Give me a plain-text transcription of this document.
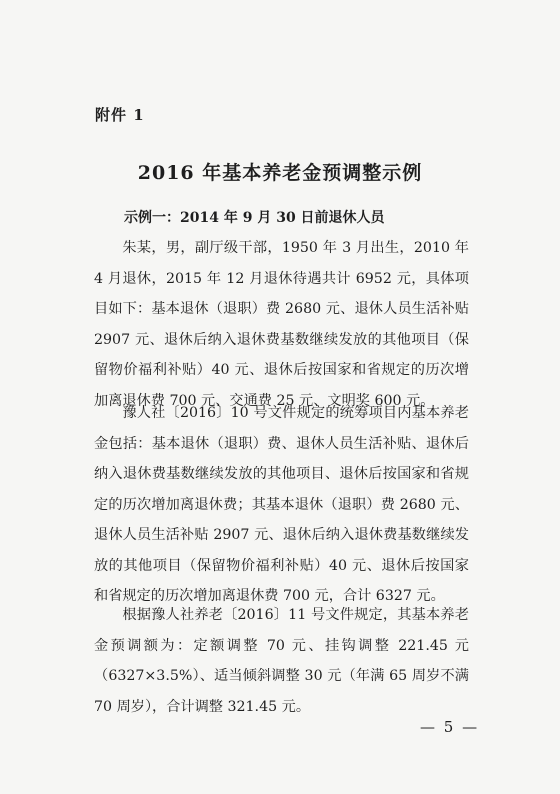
附件 1
2016 年基本养老金预调整示例
示例一：2014 年 9 月 30 日前退休人员

朱某，男，副厅级干部，1950 年 3 月出生，2010 年 4 月退休，2015 年 12 月退休待遇共计 6952 元，具体项目如下：基本退休（退职）费 2680 元、退休人员生活补贴 2907 元、退休后纳入退休费基数继续发放的其他项目（保留物价福利补贴）40 元、退休后按国家和省规定的历次增加离退休费 700 元、交通费 25 元、文明奖 600 元。

豫人社〔2016〕10 号文件规定的统筹项目内基本养老金包括：基本退休（退职）费、退休人员生活补贴、退休后纳入退休费基数继续发放的其他项目、退休后按国家和省规定的历次增加离退休费；其基本退休（退职）费 2680 元、退休人员生活补贴 2907 元、退休后纳入退休费基数继续发放的其他项目（保留物价福利补贴）40 元、退休后按国家和省规定的历次增加离退休费 700 元，合计 6327 元。

根据豫人社养老〔2016〕11 号文件规定，其基本养老金预调额为：定额调整 70 元、挂钩调整 221.45 元（6327×3.5%）、适当倾斜调整 30 元（年满 65 周岁不满 70 周岁），合计调整 321.45 元。

— 5 —
